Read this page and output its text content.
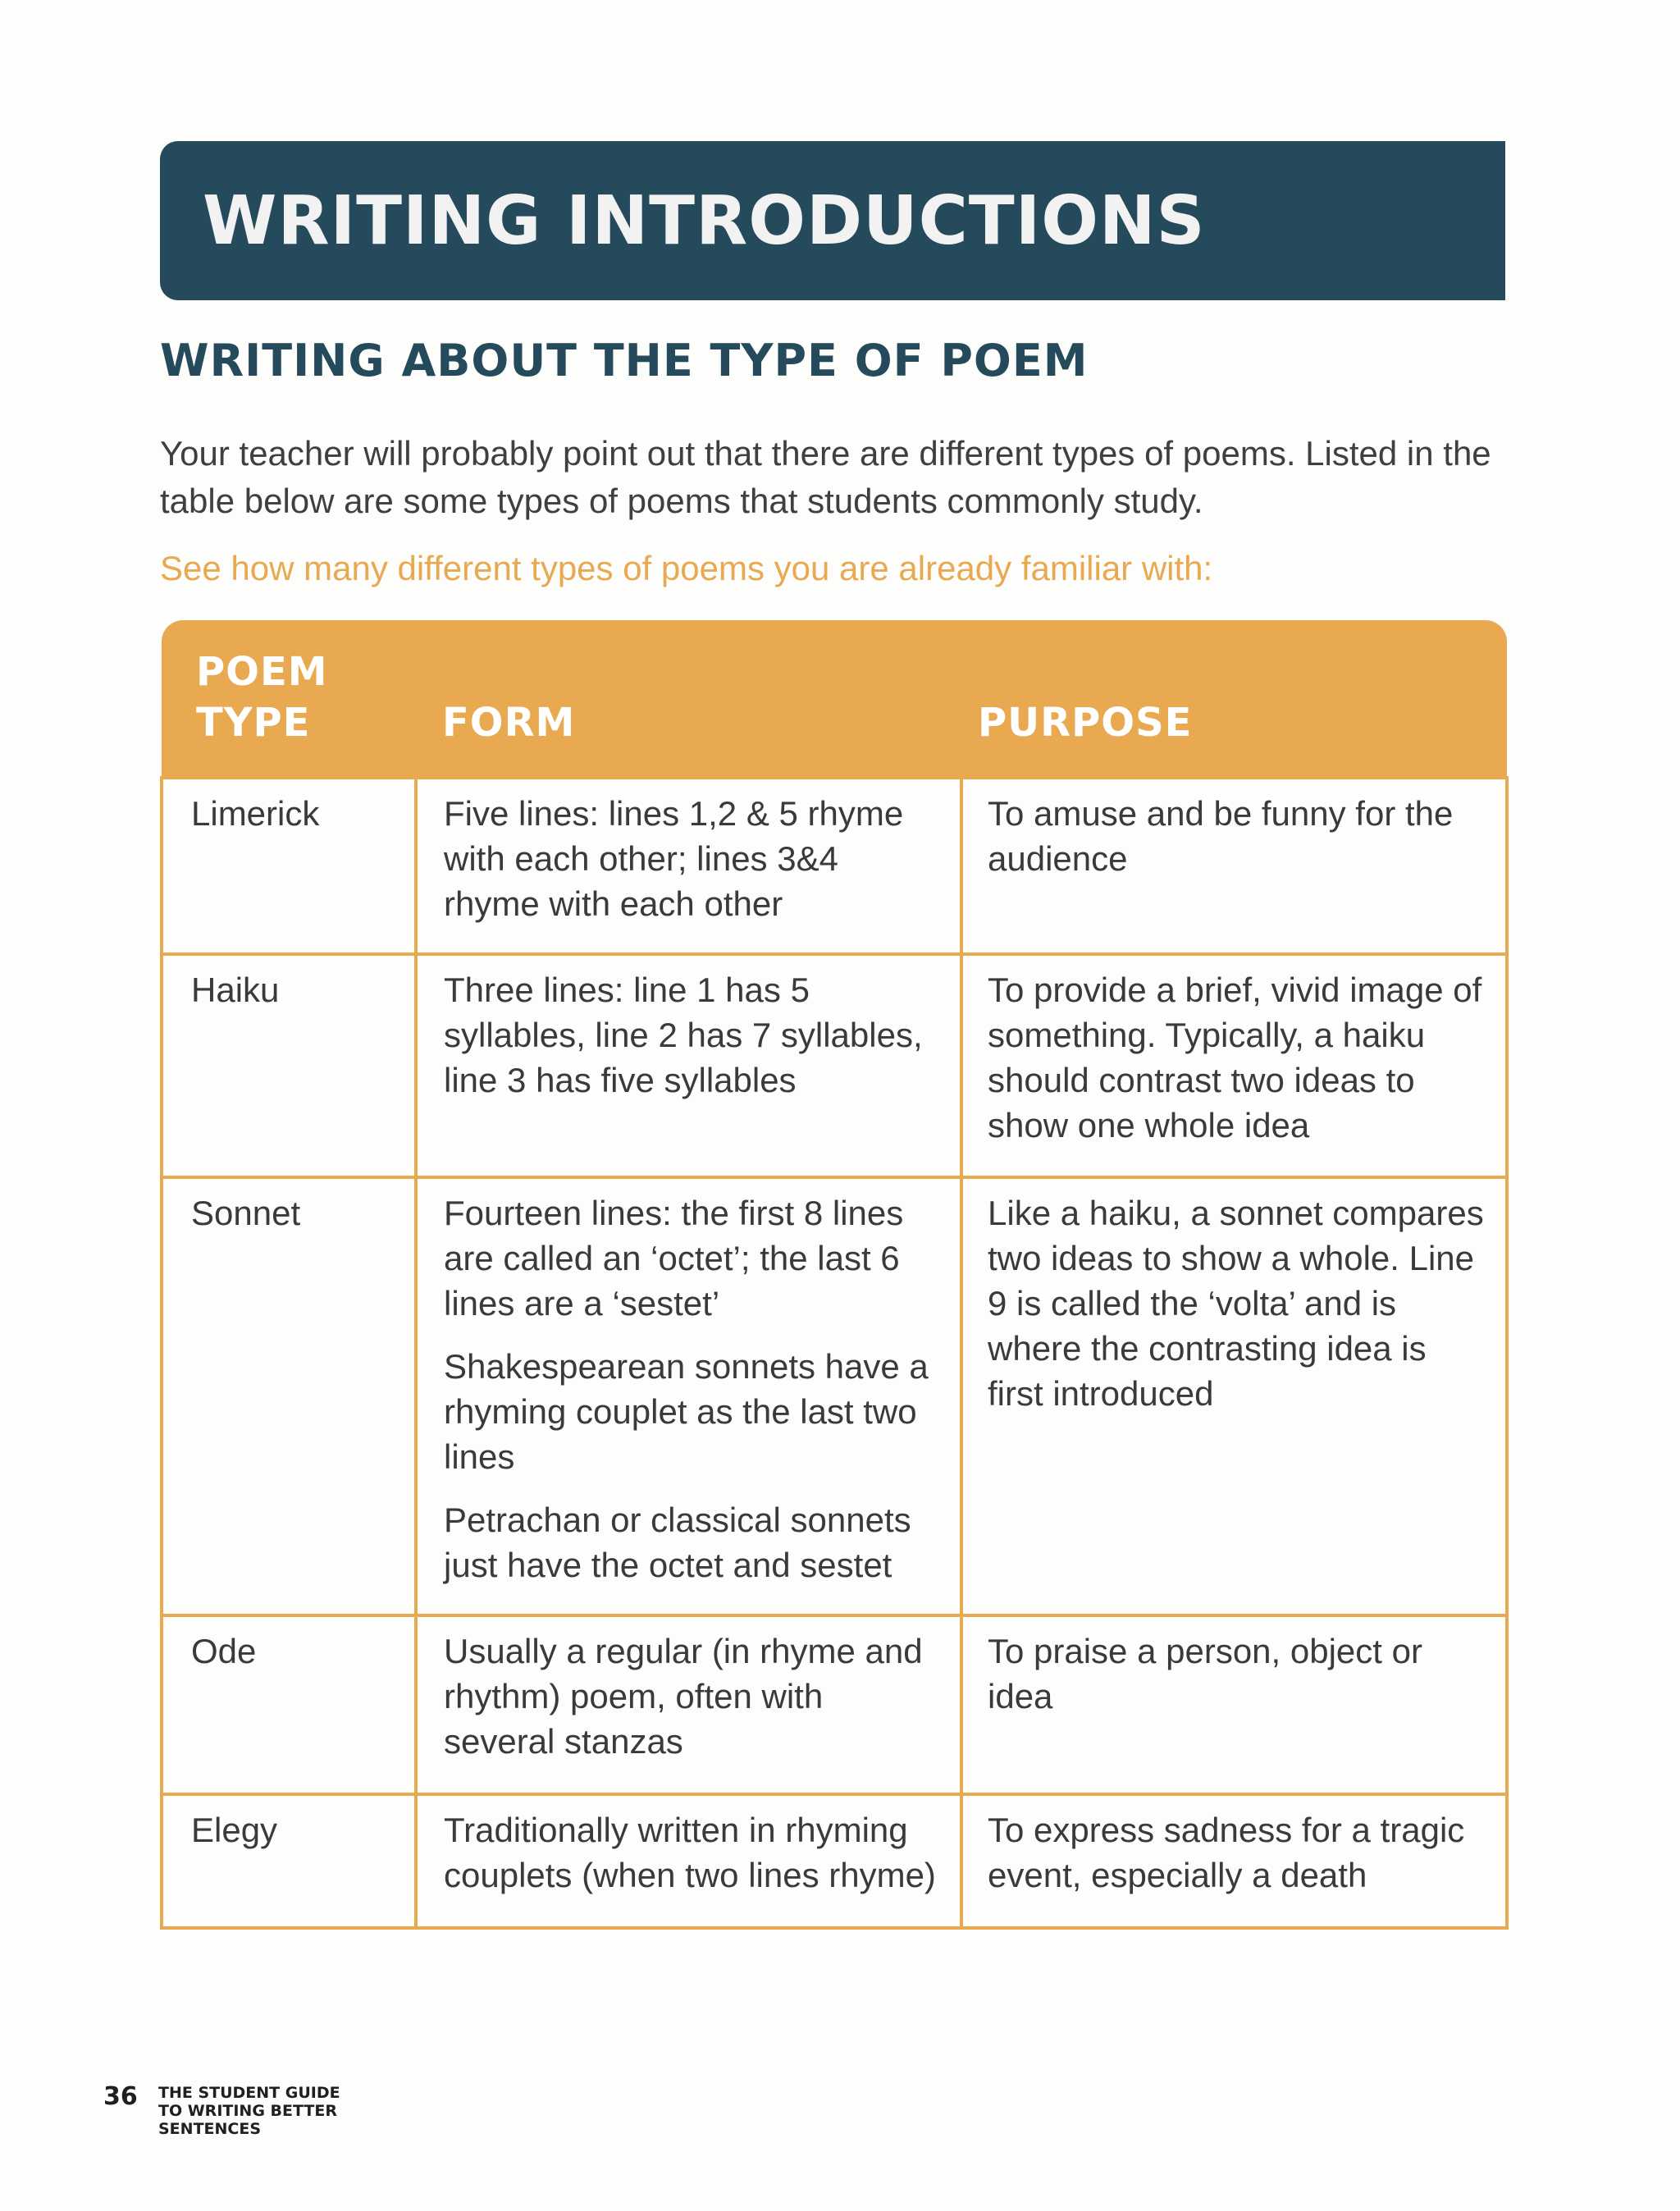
WRITING INTRODUCTIONS
WRITING ABOUT THE TYPE OF POEM

Your teacher will probably point out that there are different types of poems. Listed in the table below are some types of poems that students commonly study.

See how many different types of poems you are already familiar with:

POEM
TYPE	FORM	PURPOSE
Limerick	Five lines: lines 1,2 & 5 rhyme with each other; lines 3&4 rhyme with each other	To amuse and be funny for the audience
Haiku	Three lines: line 1 has 5 syllables, line 2 has 7 syllables, line 3 has five syllables	To provide a brief, vivid image of something. Typically, a haiku should contrast two ideas to show one whole idea
Sonnet	Fourteen lines: the first 8 lines are called an ‘octet’; the last 6 lines are a ‘sestet’

Shakespearean sonnets have a rhyming couplet as the last two lines

Petrachan or classical sonnets just have the octet and sestet	Like a haiku, a sonnet compares two ideas to show a whole. Line 9 is called the ‘volta’ and is where the contrasting idea is first introduced
Ode	Usually a regular (in rhyme and rhythm) poem, often with several stanzas	To praise a person, object or idea
Elegy	Traditionally written in rhyming couplets (when two lines rhyme)	To express sadness for a tragic event, especially a death
36 THE STUDENT GUIDE
TO WRITING BETTER
SENTENCES
